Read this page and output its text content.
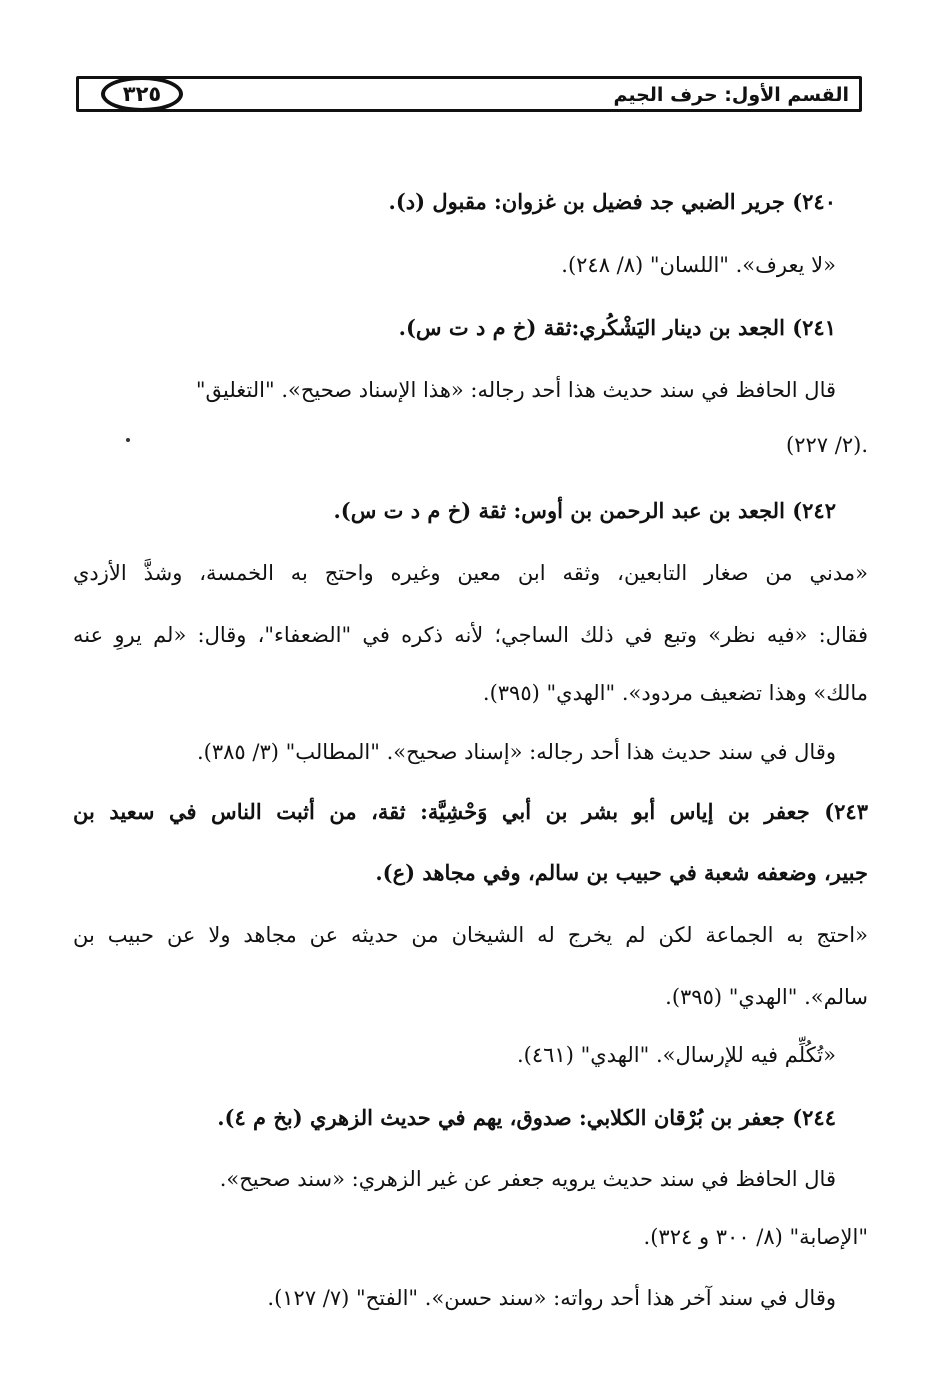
القسم الأول: حرف الجيم
٣٢٥
٢٤٠) جرير الضبي جد فضيل بن غزوان: مقبول (د).
«لا يعرف». "اللسان" (٨/ ٢٤٨).
٢٤١) الجعد بن دينار اليَشْكُري:ثقة (خ م د ت س).
قال الحافظ في سند حديث هذا أحد رجاله: «هذا الإسناد صحيح». "التغليق"
(٢/ ٢٢٧).
٢٤٢) الجعد بن عبد الرحمن بن أوس: ثقة (خ م د ت س).
«مدني من صغار التابعين، وثقه ابن معين وغيره واحتج به الخمسة، وشذَّ الأزدي
فقال: «فيه نظر» وتبع في ذلك الساجي؛ لأنه ذكره في "الضعفاء"، وقال: «لم يروِ عنه
مالك» وهذا تضعيف مردود». "الهدي" (٣٩٥).
وقال في سند حديث هذا أحد رجاله: «إسناد صحيح». "المطالب" (٣/ ٣٨٥).
٢٤٣) جعفر بن إياس أبو بشر بن أبي وَحْشِيَّة: ثقة، من أثبت الناس في سعيد بن
جبير، وضعفه شعبة في حبيب بن سالم، وفي مجاهد (ع).
«احتج به الجماعة لكن لم يخرج له الشيخان من حديثه عن مجاهد ولا عن حبيب بن
سالم». "الهدي" (٣٩٥).
«تُكُلِّم فيه للإرسال». "الهدي" (٤٦١).
٢٤٤) جعفر بن بُرْقان الكلابي: صدوق، يهم في حديث الزهري (بخ م ٤).
قال الحافظ في سند حديث يرويه جعفر عن غير الزهري: «سند صحيح».
"الإصابة" (٨/ ٣٠٠ و ٣٢٤).
وقال في سند آخر هذا أحد رواته: «سند حسن». "الفتح" (٧/ ١٢٧).
